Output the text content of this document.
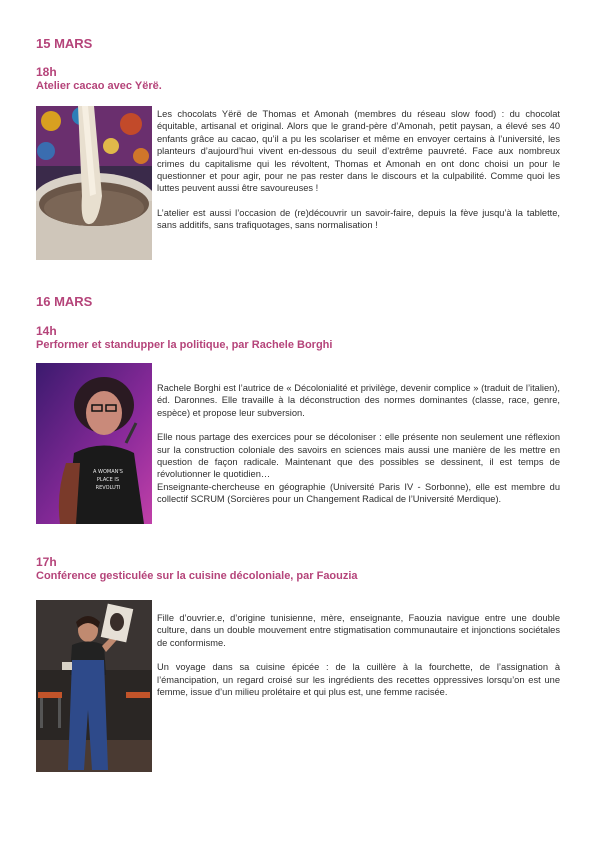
15 MARS
18h
Atelier cacao avec Yërë.

Les chocolats Yërë de Thomas et Amonah (membres du réseau slow food) : du chocolat équitable, artisanal et original. Alors que le grand-père d’Amonah, petit paysan, a élevé ses 40 enfants grâce au cacao, qu’il a pu les scolariser et même en envoyer certains à l’université, les planteurs d’aujourd’hui vivent en-dessous du seuil d’extrême pauvreté. Face aux nombreux crimes du capitalisme qui les révoltent, Thomas et Amonah en ont donc choisi un pour le questionner et pour agir, pour ne pas rester dans le discours et la culpabilité. Comme quoi les luttes peuvent aussi être savoureuses !

L’atelier est aussi l’occasion de (re)découvrir un savoir-faire, depuis la fève jusqu’à la tablette, sans additifs, sans trafiquotages, sans normalisation !

16 MARS
14h
Performer et standupper la politique, par Rachele Borghi
A WOMAN'S
PLACE IS
REVOLUTI

Rachele Borghi est l’autrice de « Décolonialité et privilège, devenir complice » (traduit de l’italien), éd. Daronnes. Elle travaille à la déconstruction des normes dominantes (classe, race, genre, espèce) et propose leur subversion.

Elle nous partage des exercices pour se décoloniser : elle présente non seulement une réflexion sur la construction coloniale des savoirs en sciences mais aussi une manière de les mettre en question de façon radicale. Maintenant que des possibles se dessinent, il est temps de révolutionner le quotidien…

Enseignante-chercheuse en géographie (Université Paris IV - Sorbonne), elle est membre du collectif SCRUM (Sorcières pour un Changement Radical de l’Université Merdique).

17h
Conférence gesticulée sur la cuisine décoloniale, par Faouzia

Fille d’ouvrier.e, d’origine tunisienne, mère, enseignante, Faouzia navigue entre une double culture, dans un double mouvement entre stigmatisation communautaire et injonctions sociétales de conformisme.

Un voyage dans sa cuisine épicée : de la cuillère à la fourchette, de l’assignation à l’émancipation, un regard croisé sur les ingrédients des recettes oppressives lorsqu’on est une femme, issue d’un milieu prolétaire et qui plus est, une femme racisée.
